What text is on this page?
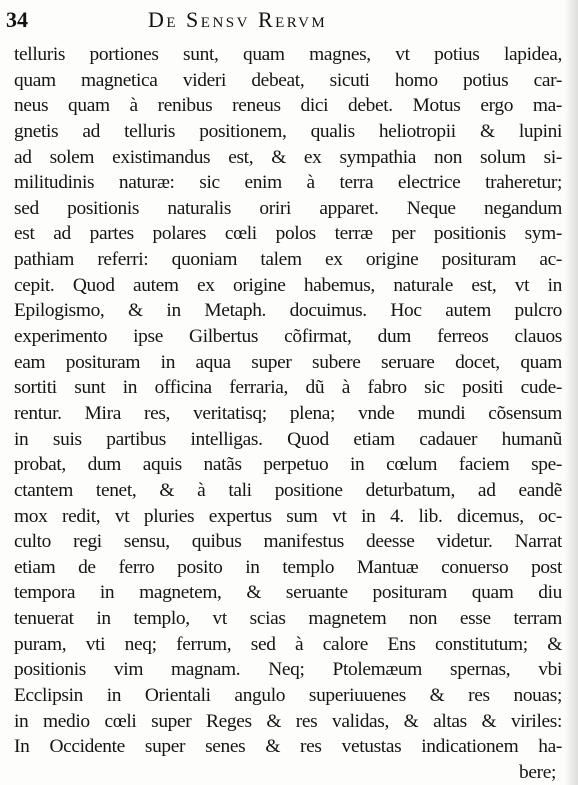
34	De Sensv Rervm
telluris portiones sunt, quam magnes, vt potius lapidea,
quam magnetica videri debeat, sicuti homo potius car-
neus quam à renibus reneus dici debet. Motus ergo ma-
gnetis ad telluris positionem, qualis heliotropii & lupini
ad solem existimandus est, & ex sympathia non solum si-
militudinis naturæ: sic enim à terra electrice traheretur;
sed positionis naturalis oriri apparet. Neque negandum
est ad partes polares cœli polos terræ per positionis sym-
pathiam referri: quoniam talem ex origine posituram ac-
cepit. Quod autem ex origine habemus, naturale est, vt in
Epilogismo, & in Metaph. docuimus. Hoc autem pulcro
experimento ipse Gilbertus cõfirmat, dum ferreos clauos
eam posituram in aqua super subere seruare docet, quam
sortiti sunt in officina ferraria, dũ à fabro sic positi cude-
rentur. Mira res, veritatisq; plena; vnde mundi cõsensum
in suis partibus intelligas. Quod etiam cadauer humanũ
probat, dum aquis natãs perpetuo in cœlum faciem spe-
ctantem tenet, & à tali positione deturbatum, ad eandẽ
mox redit, vt pluries expertus sum vt in 4. lib. dicemus, oc-
culto regi sensu, quibus manifestus deesse videtur. Narrat
etiam de ferro posito in templo Mantuæ conuerso post
tempora in magnetem, & seruante posituram quam diu
tenuerat in templo, vt scias magnetem non esse terram
puram, vti neq; ferrum, sed à calore Ens constitutum; &
positionis vim magnam. Neq; Ptolemæum spernas, vbi
Ecclipsin in Orientali angulo superiuuenes & res nouas;
in medio cœli super Reges & res validas, & altas & viriles:
In Occidente super senes & res vetustas indicationem ha-
bere;
